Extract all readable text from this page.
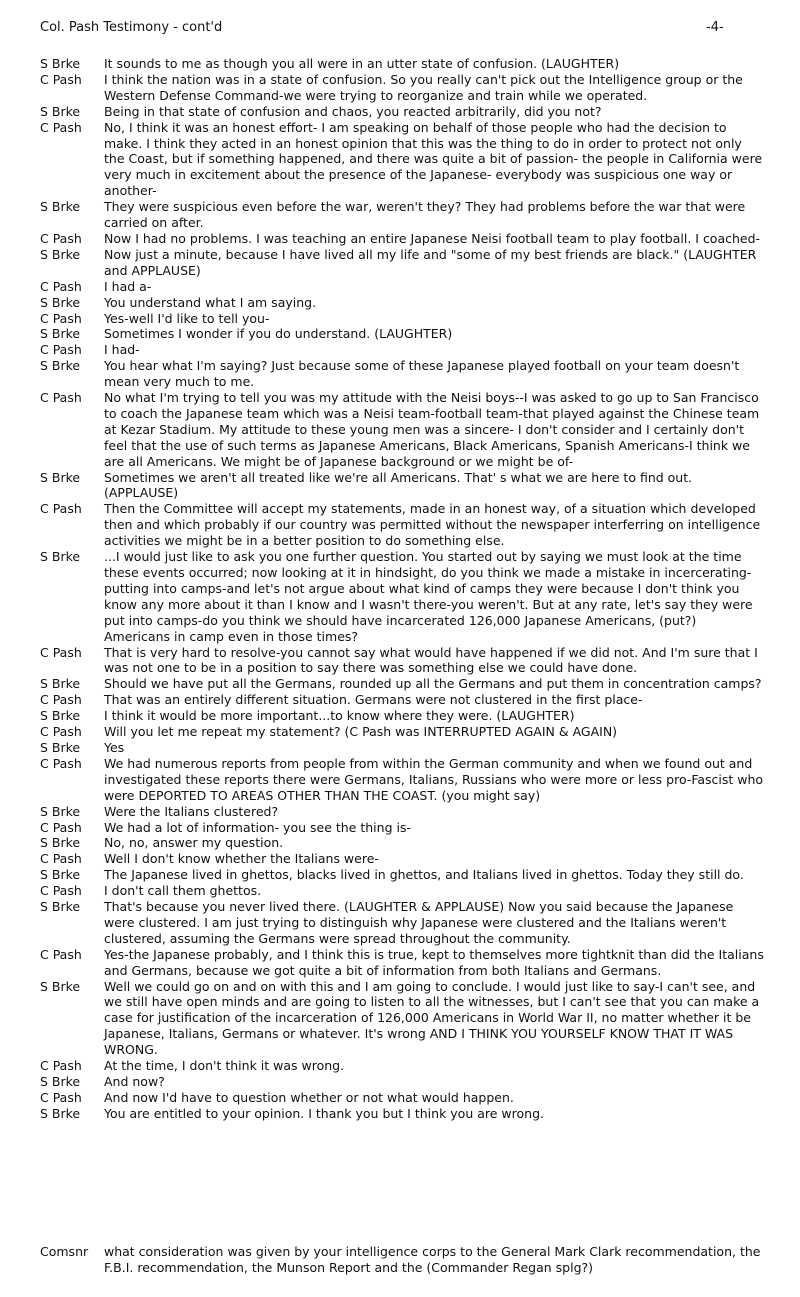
Col. Pash Testimony - cont'd	-4-
S Brke	It sounds to me as though you all were in an utter state of confusion. (LAUGHTER)
C Pash	I think the nation was in a state of confusion. So you really can't pick out the Intelligence group or the Western Defense Command-we were trying to reorganize and train while we operated.
S Brke	Being in that state of confusion and chaos, you reacted arbitrarily, did you not?
C Pash	No, I think it was an honest effort- I am speaking on behalf of those people who had the decision to make. I think they acted in an honest opinion that this was the thing to do in order to protect not only the Coast, but if something happened, and there was quite a bit of passion- the people in California were very much in excitement about the presence of the Japanese- everybody was suspicious one way or another-
S Brke	They were suspicious even before the war, weren't they? They had problems before the war that were carried on after.
C Pash	Now I had no problems. I was teaching an entire Japanese Neisi football team to play football. I coached-
S Brke	Now just a minute, because I have lived all my life and "some of my best friends are black." (LAUGHTER and APPLAUSE)
C Pash	I had a-
S Brke	You understand what I am saying.
C Pash	Yes-well I'd like to tell you-
S Brke	Sometimes I wonder if you do understand. (LAUGHTER)
C Pash	I had-
S Brke	You hear what I'm saying? Just because some of these Japanese played football on your team doesn't mean very much to me.
C Pash	No what I'm trying to tell you was my attitude with the Neisi boys--I was asked to go up to San Francisco to coach the Japanese team which was a Neisi team-football team-that played against the Chinese team at Kezar Stadium. My attitude to these young men was a sincere- I don't consider and I certainly don't feel that the use of such terms as Japanese Americans, Black Americans, Spanish Americans-I think we are all Americans. We might be of Japanese background or we might be of-
S Brke	Sometimes we aren't all treated like we're all Americans. That' s what we are here to find out. (APPLAUSE)
C Pash	Then the Committee will accept my statements, made in an honest way, of a situation which developed then and which probably if our country was permitted without the newspaper interferring on intelligence activities we might be in a better position to do something else.
S Brke	...I would just like to ask you one further question. You started out by saying we must look at the time these events occurred; now looking at it in hindsight, do you think we made a mistake in incercerating-putting into camps-and let's not argue about what kind of camps they were because I don't think you know any more about it than I know and I wasn't there-you weren't. But at any rate, let's say they were put into camps-do you think we should have incarcerated 126,000 Japanese Americans, (put?) Americans in camp even in those times?
C Pash	That is very hard to resolve-you cannot say what would have happened if we did not. And I'm sure that I was not one to be in a position to say there was something else we could have done.
S Brke	Should we have put all the Germans, rounded up all the Germans and put them in concentration camps?
C Pash	That was an entirely different situation. Germans were not clustered in the first place-
S Brke	I think it would be more important...to know where they were. (LAUGHTER)
C Pash	Will you let me repeat my statement? (C Pash was INTERRUPTED AGAIN & AGAIN)
S Brke	Yes
C Pash	We had numerous reports from people from within the German community and when we found out and investigated these reports there were Germans, Italians, Russians who were more or less pro-Fascist who were DEPORTED TO AREAS OTHER THAN THE COAST. (you might say)
S Brke	Were the Italians clustered?
C Pash	We had a lot of information- you see the thing is-
S Brke	No, no, answer my question.
C Pash	Well I don't know whether the Italians were-
S Brke	The Japanese lived in ghettos, blacks lived in ghettos, and Italians lived in ghettos. Today they still do.
C Pash	I don't call them ghettos.
S Brke	That's because you never lived there. (LAUGHTER & APPLAUSE) Now you said because the Japanese were clustered. I am just trying to distinguish why Japanese were clustered and the Italians weren't clustered, assuming the Germans were spread throughout the community.
C Pash	Yes-the Japanese probably, and I think this is true, kept to themselves more tightknit than did the Italians and Germans, because we got quite a bit of information from both Italians and Germans.
S Brke	Well we could go on and on with this and I am going to conclude. I would just like to say-I can't see, and we still have open minds and are going to listen to all the witnesses, but I can't see that you can make a case for justification of the incarceration of 126,000 Americans in World War II, no matter whether it be Japanese, Italians, Germans or whatever. It's wrong AND I THINK YOU YOURSELF KNOW THAT IT WAS WRONG.
C Pash	At the time, I don't think it was wrong.
S Brke	And now?
C Pash	And now I'd have to question whether or not what would happen.
S Brke	You are entitled to your opinion. I thank you but I think you are wrong.
Comsnr	what consideration was given by your intelligence corps to the General Mark Clark recommendation, the F.B.I. recommendation, the Munson Report and the (Commander Regan splg?)
